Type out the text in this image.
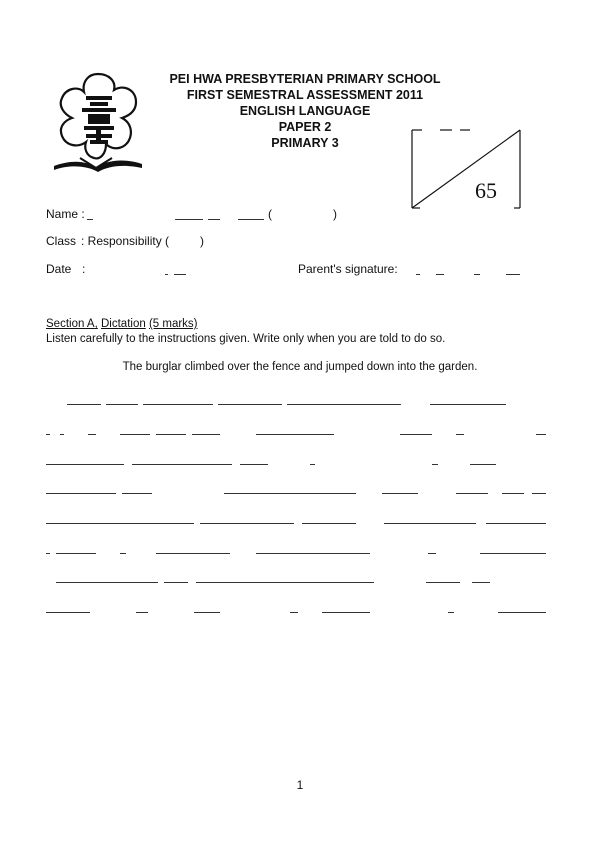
PEI HWA PRESBYTERIAN PRIMARY SCHOOL
FIRST SEMESTRAL ASSESSMENT 2011
ENGLISH LANGUAGE
PAPER 2
PRIMARY 3
65
Name :	(	)
Class : Responsibility (	)
Date :	Parent's signature:
Section A, Dictation (5 marks)
Listen carefully to the instructions given. Write only when you are told to do so.
The burglar climbed over the fence and jumped down into the garden.
1
